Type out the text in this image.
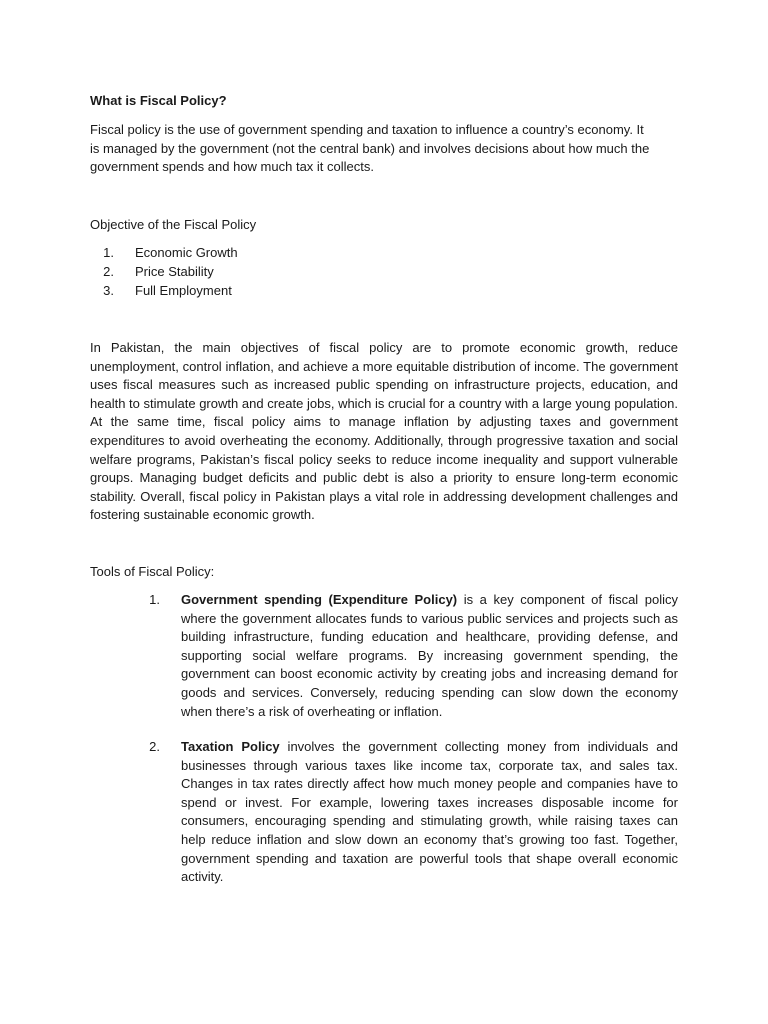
What is Fiscal Policy?

Fiscal policy is the use of government spending and taxation to influence a country’s economy. It is managed by the government (not the central bank) and involves decisions about how much the government spends and how much tax it collects.

Objective of the Fiscal Policy

1. Economic Growth
2. Price Stability
3. Full Employment

In Pakistan, the main objectives of fiscal policy are to promote economic growth, reduce unemployment, control inflation, and achieve a more equitable distribution of income. The government uses fiscal measures such as increased public spending on infrastructure projects, education, and health to stimulate growth and create jobs, which is crucial for a country with a large young population. At the same time, fiscal policy aims to manage inflation by adjusting taxes and government expenditures to avoid overheating the economy. Additionally, through progressive taxation and social welfare programs, Pakistan’s fiscal policy seeks to reduce income inequality and support vulnerable groups. Managing budget deficits and public debt is also a priority to ensure long-term economic stability. Overall, fiscal policy in Pakistan plays a vital role in addressing development challenges and fostering sustainable economic growth.

Tools of Fiscal Policy:

1. Government spending (Expenditure Policy) is a key component of fiscal policy where the government allocates funds to various public services and projects such as building infrastructure, funding education and healthcare, providing defense, and supporting social welfare programs. By increasing government spending, the government can boost economic activity by creating jobs and increasing demand for goods and services. Conversely, reducing spending can slow down the economy when there’s a risk of overheating or inflation.
2. Taxation Policy involves the government collecting money from individuals and businesses through various taxes like income tax, corporate tax, and sales tax. Changes in tax rates directly affect how much money people and companies have to spend or invest. For example, lowering taxes increases disposable income for consumers, encouraging spending and stimulating growth, while raising taxes can help reduce inflation and slow down an economy that’s growing too fast. Together, government spending and taxation are powerful tools that shape overall economic activity.
